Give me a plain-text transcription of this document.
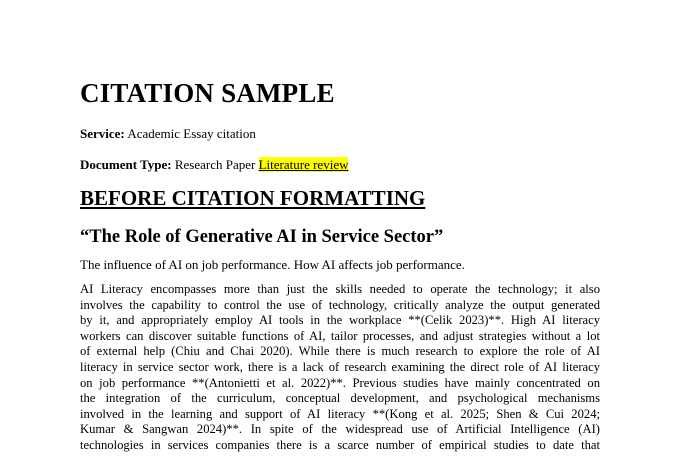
CITATION SAMPLE
Service: Academic Essay citation
Document Type: Research Paper Literature review
BEFORE CITATION FORMATTING
“The Role of Generative AI in Service Sector”
The influence of AI on job performance. How AI affects job performance.
AI Literacy encompasses more than just the skills needed to operate the technology; it also
involves the capability to control the use of technology, critically analyze the output generated
by it, and appropriately employ AI tools in the workplace **(Celik 2023)**. High AI literacy
workers can discover suitable functions of AI, tailor processes, and adjust strategies without a lot
of external help (Chiu and Chai 2020). While there is much research to explore the role of AI
literacy in service sector work, there is a lack of research examining the direct role of AI literacy
on job performance **(Antonietti et al. 2022)**. Previous studies have mainly concentrated on
the integration of the curriculum, conceptual development, and psychological mechanisms
involved in the learning and support of AI literacy **(Kong et al. 2025; Shen & Cui 2024;
Kumar & Sangwan 2024)**. In spite of the widespread use of Artificial Intelligence (AI)
technologies in services companies there is a scarce number of empirical studies to date that
